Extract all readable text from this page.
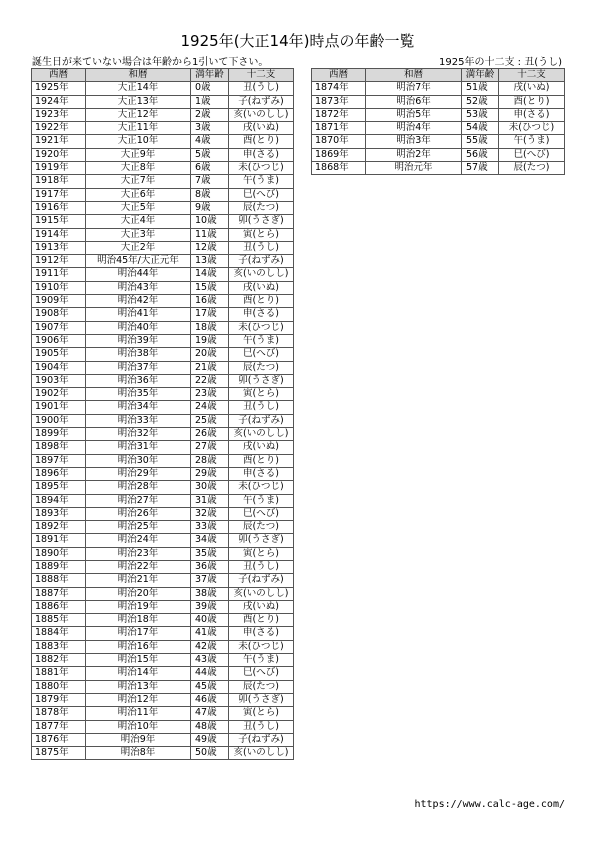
1925年(大正14年)時点の年齢一覧
誕生日が来ていない場合は年齢から1引いて下さい。	1925年の十二支 : 丑(うし)
西暦	和暦	満年齢	十二支
1925年	大正14年	0歳	丑(うし)
1924年	大正13年	1歳	子(ねずみ)
1923年	大正12年	2歳	亥(いのしし)
1922年	大正11年	3歳	戌(いぬ)
1921年	大正10年	4歳	酉(とり)
1920年	大正9年	5歳	申(さる)
1919年	大正8年	6歳	未(ひつじ)
1918年	大正7年	7歳	午(うま)
1917年	大正6年	8歳	巳(へび)
1916年	大正5年	9歳	辰(たつ)
1915年	大正4年	10歳	卯(うさぎ)
1914年	大正3年	11歳	寅(とら)
1913年	大正2年	12歳	丑(うし)
1912年	明治45年/大正元年	13歳	子(ねずみ)
1911年	明治44年	14歳	亥(いのしし)
1910年	明治43年	15歳	戌(いぬ)
1909年	明治42年	16歳	酉(とり)
1908年	明治41年	17歳	申(さる)
1907年	明治40年	18歳	未(ひつじ)
1906年	明治39年	19歳	午(うま)
1905年	明治38年	20歳	巳(へび)
1904年	明治37年	21歳	辰(たつ)
1903年	明治36年	22歳	卯(うさぎ)
1902年	明治35年	23歳	寅(とら)
1901年	明治34年	24歳	丑(うし)
1900年	明治33年	25歳	子(ねずみ)
1899年	明治32年	26歳	亥(いのしし)
1898年	明治31年	27歳	戌(いぬ)
1897年	明治30年	28歳	酉(とり)
1896年	明治29年	29歳	申(さる)
1895年	明治28年	30歳	未(ひつじ)
1894年	明治27年	31歳	午(うま)
1893年	明治26年	32歳	巳(へび)
1892年	明治25年	33歳	辰(たつ)
1891年	明治24年	34歳	卯(うさぎ)
1890年	明治23年	35歳	寅(とら)
1889年	明治22年	36歳	丑(うし)
1888年	明治21年	37歳	子(ねずみ)
1887年	明治20年	38歳	亥(いのしし)
1886年	明治19年	39歳	戌(いぬ)
1885年	明治18年	40歳	酉(とり)
1884年	明治17年	41歳	申(さる)
1883年	明治16年	42歳	未(ひつじ)
1882年	明治15年	43歳	午(うま)
1881年	明治14年	44歳	巳(へび)
1880年	明治13年	45歳	辰(たつ)
1879年	明治12年	46歳	卯(うさぎ)
1878年	明治11年	47歳	寅(とら)
1877年	明治10年	48歳	丑(うし)
1876年	明治9年	49歳	子(ねずみ)
1875年	明治8年	50歳	亥(いのしし)
西暦	和暦	満年齢	十二支
1874年	明治7年	51歳	戌(いぬ)
1873年	明治6年	52歳	酉(とり)
1872年	明治5年	53歳	申(さる)
1871年	明治4年	54歳	未(ひつじ)
1870年	明治3年	55歳	午(うま)
1869年	明治2年	56歳	巳(へび)
1868年	明治元年	57歳	辰(たつ)
https://www.calc-age.com/
